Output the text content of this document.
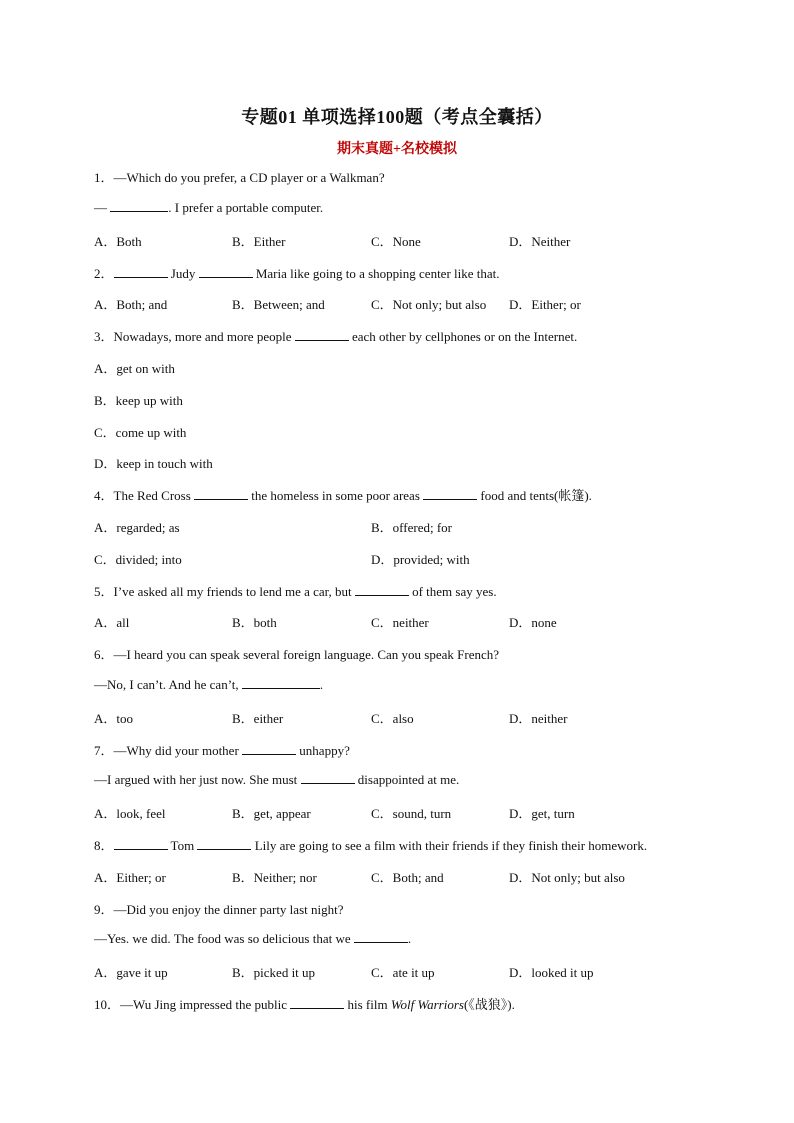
专题01 单项选择100题（考点全囊括）
期末真题+名校模拟
1．—Which do you prefer, a CD player or a Walkman?
—	. I prefer a portable computer.
A．Both	B．Either	C．None	D．Neither
2．	Judy	Maria like going to a shopping center like that.
A．Both; and	B．Between; and	C．Not only; but also D．Either; or
3．Nowadays, more and more people	each other by cellphones or on the Internet.
A．get on with
B．keep up with
C．come up with
D．keep in touch with
4．The Red Cross	the homeless in some poor areas	food and tents(帐篷).
A．regarded; as	B．offered; for
C．divided; into	D．provided; with
5．I’ve asked all my friends to lend me a car, but	of them say yes.
A．all	B．both	C．neither	D．none
6．—I heard you can speak several foreign language. Can you speak French?
—No, I can’t. And he can’t,	.
A．too	B．either	C．also	D．neither
7．—Why did your mother	unhappy?
—I argued with her just now. She must	disappointed at me.
A．look, feel	B．get, appear	C．sound, turn	D．get, turn
8．	Tom	Lily are going to see a film with their friends if they finish their homework.
A．Either; or	B．Neither; nor	C．Both; and	D．Not only; but also
9．—Did you enjoy the dinner party last night?
—Yes. we did. The food was so delicious that we	.
A．gave it up	B．picked it up	C．ate it up	D．looked it up
10．—Wu Jing impressed the public	his film Wolf Warriors(《战狼》).
